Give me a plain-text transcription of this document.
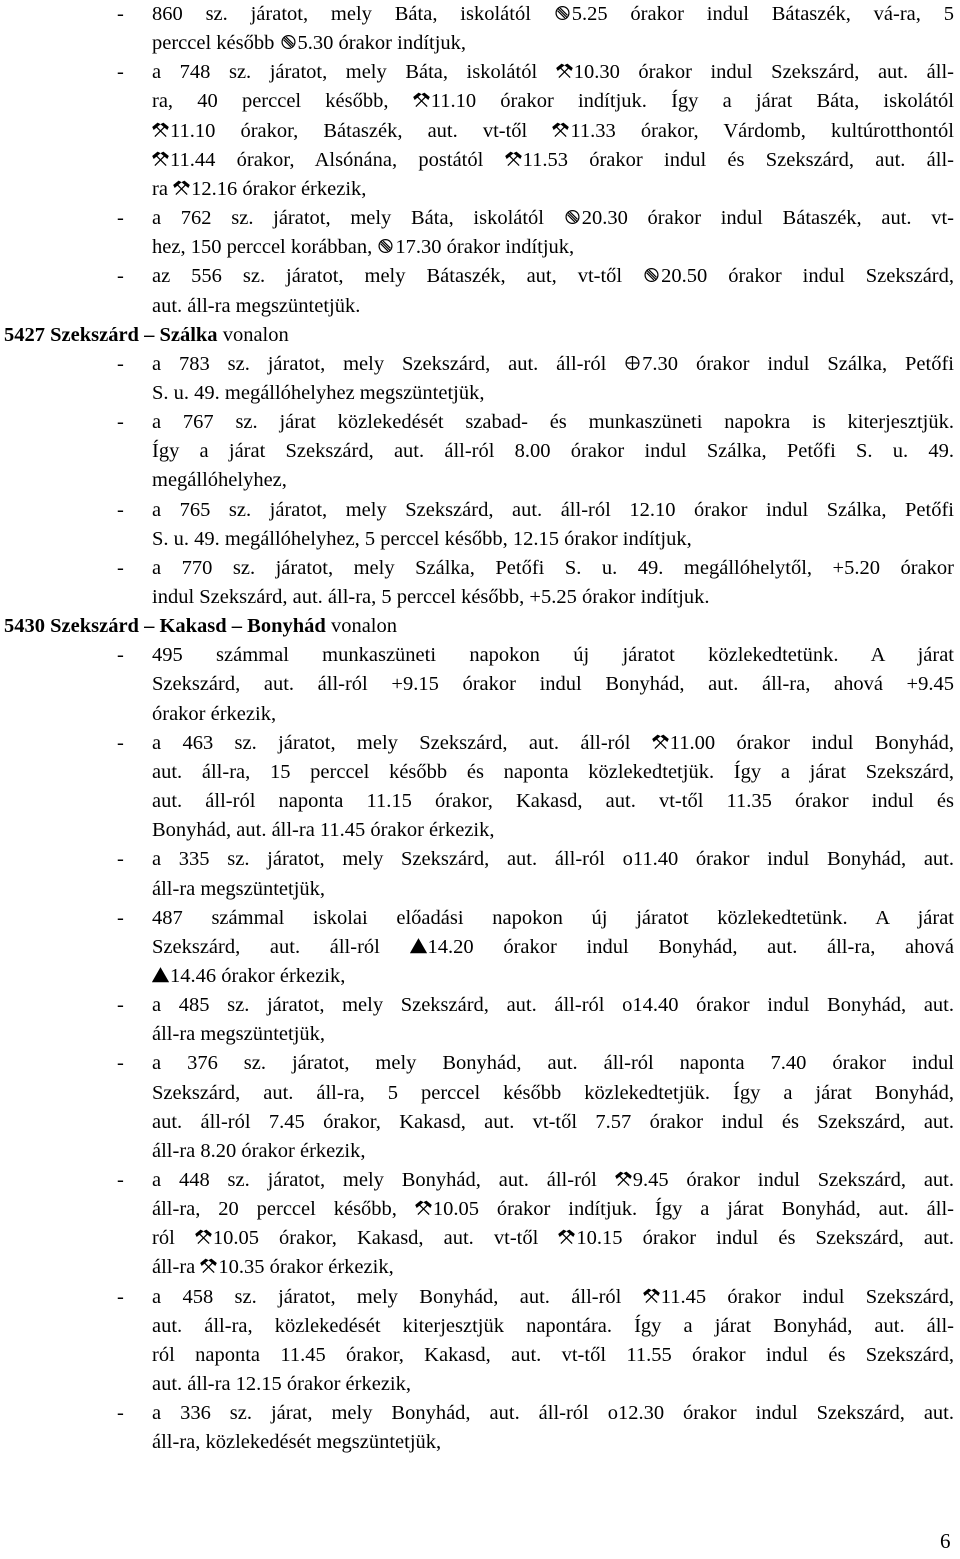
- 860 sz. járatot, mely Báta, iskolától 5.25 órakor indul Bátaszék, vá-ra, 5
perccel később 5.30 órakor indítjuk,
- a 748 sz. járatot, mely Báta, iskolától 10.30 órakor indul Szekszárd, aut. áll-
ra, 40 perccel később, 11.10 órakor indítjuk. Így a járat Báta, iskolától
11.10 órakor, Bátaszék, aut. vt-től 11.33 órakor, Várdomb, kultúrotthontól
11.44 órakor, Alsónána, postától 11.53 órakor indul és Szekszárd, aut. áll-
ra 12.16 órakor érkezik,
- a 762 sz. járatot, mely Báta, iskolától 20.30 órakor indul Bátaszék, aut. vt-
hez, 150 perccel korábban, 17.30 órakor indítjuk,
- az 556 sz. járatot, mely Bátaszék, aut, vt-től 20.50 órakor indul Szekszárd,
aut. áll-ra megszüntetjük.
5427 Szekszárd – Szálka vonalon
- a 783 sz. járatot, mely Szekszárd, aut. áll-ról 7.30 órakor indul Szálka, Petőfi
S. u. 49. megállóhelyhez megszüntetjük,
- a 767 sz. járat közlekedését szabad- és munkaszüneti napokra is kiterjesztjük.
Így a járat Szekszárd, aut. áll-ról 8.00 órakor indul Szálka, Petőfi S. u. 49.
megállóhelyhez,
- a 765 sz. járatot, mely Szekszárd, aut. áll-ról 12.10 órakor indul Szálka, Petőfi
S. u. 49. megállóhelyhez, 5 perccel később, 12.15 órakor indítjuk,
- a 770 sz. járatot, mely Szálka, Petőfi S. u. 49. megállóhelytől, +5.20 órakor
indul Szekszárd, aut. áll-ra, 5 perccel később, +5.25 órakor indítjuk.
5430 Szekszárd – Kakasd – Bonyhád vonalon
- 495 számmal munkaszüneti napokon új járatot közlekedtetünk. A járat
Szekszárd, aut. áll-ról +9.15 órakor indul Bonyhád, aut. áll-ra, ahová +9.45
órakor érkezik,
- a 463 sz. járatot, mely Szekszárd, aut. áll-ról 11.00 órakor indul Bonyhád,
aut. áll-ra, 15 perccel később és naponta közlekedtetjük. Így a járat Szekszárd,
aut. áll-ról naponta 11.15 órakor, Kakasd, aut. vt-től 11.35 órakor indul és
Bonyhád, aut. áll-ra 11.45 órakor érkezik,
- a 335 sz. járatot, mely Szekszárd, aut. áll-ról o11.40 órakor indul Bonyhád, aut.
áll-ra megszüntetjük,
- 487 számmal iskolai előadási napokon új járatot közlekedtetünk. A járat
Szekszárd, aut. áll-ról 14.20 órakor indul Bonyhád, aut. áll-ra, ahová
14.46 órakor érkezik,
- a 485 sz. járatot, mely Szekszárd, aut. áll-ról o14.40 órakor indul Bonyhád, aut.
áll-ra megszüntetjük,
- a 376 sz. járatot, mely Bonyhád, aut. áll-ról naponta 7.40 órakor indul
Szekszárd, aut. áll-ra, 5 perccel később közlekedtetjük. Így a járat Bonyhád,
aut. áll-ról 7.45 órakor, Kakasd, aut. vt-től 7.57 órakor indul és Szekszárd, aut.
áll-ra 8.20 órakor érkezik,
- a 448 sz. járatot, mely Bonyhád, aut. áll-ról 9.45 órakor indul Szekszárd, aut.
áll-ra, 20 perccel később, 10.05 órakor indítjuk. Így a járat Bonyhád, aut. áll-
ról 10.05 órakor, Kakasd, aut. vt-től 10.15 órakor indul és Szekszárd, aut.
áll-ra 10.35 órakor érkezik,
- a 458 sz. járatot, mely Bonyhád, aut. áll-ról 11.45 órakor indul Szekszárd,
aut. áll-ra, közlekedését kiterjesztjük napontára. Így a járat Bonyhád, aut. áll-
ról naponta 11.45 órakor, Kakasd, aut. vt-től 11.55 órakor indul és Szekszárd,
aut. áll-ra 12.15 órakor érkezik,
- a 336 sz. járat, mely Bonyhád, aut. áll-ról o12.30 órakor indul Szekszárd, aut.
áll-ra, közlekedését megszüntetjük,
6
